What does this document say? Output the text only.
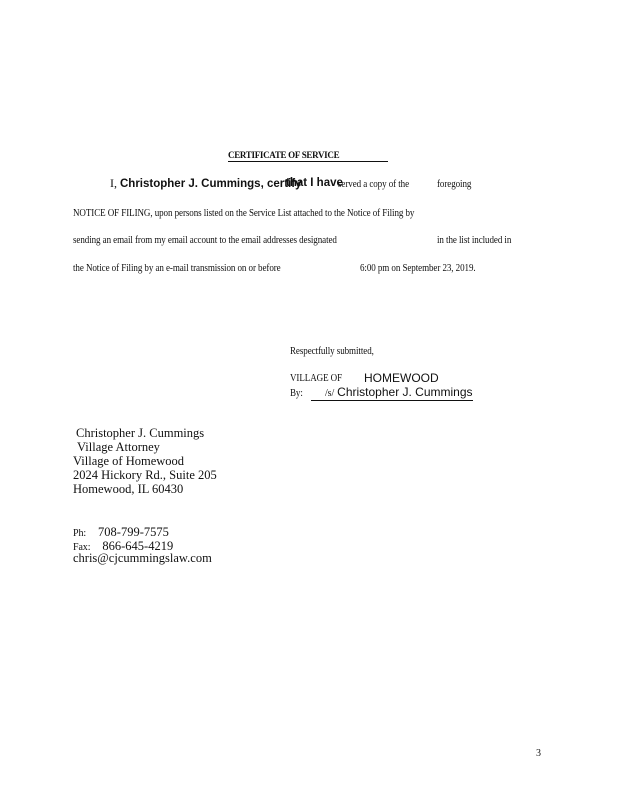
CERTIFICATE OF SERVICE
I, Christopher J. Cummings, certify
that I have
served a copy of the	foregoing
NOTICE OF FILING, upon persons listed on the Service List attached to the Notice of Filing by
sending an email from my email account to the email addresses designated	in the list included in
the Notice of Filing by an e-mail transmission on or before	6:00 pm on September 23, 2019.
Respectfully submitted,
VILLAGE OF HOMEWOOD
By:	/s/ Christopher J. Cummings
Christopher J. Cummings
Village Attorney
Village of Homewood
2024 Hickory Rd., Suite 205
Homewood, IL 60430
Ph: 708-799-7575
Fax: 866-645-4219
chris@cjcummingslaw.com
3
